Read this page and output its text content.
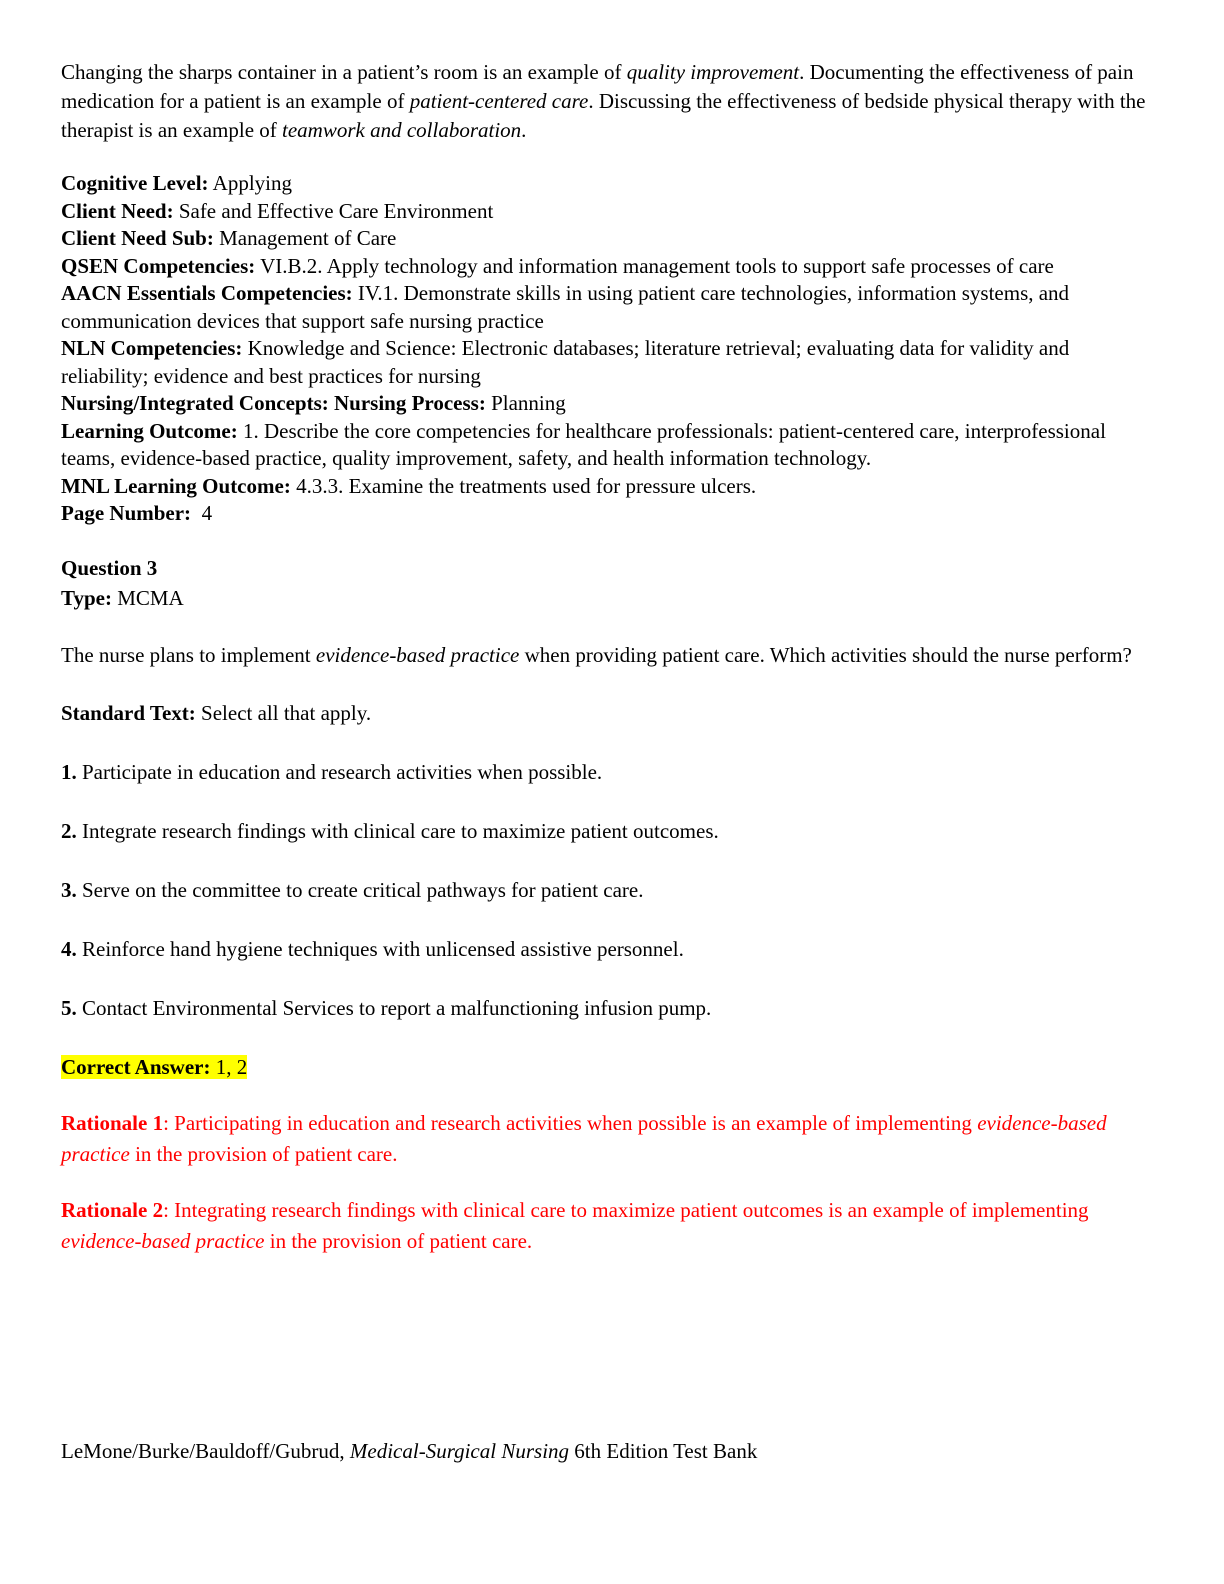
Changing the sharps container in a patient’s room is an example of quality improvement. Documenting the effectiveness of pain medication for a patient is an example of patient-centered care. Discussing the effectiveness of bedside physical therapy with the therapist is an example of teamwork and collaboration.

Cognitive Level: Applying
Client Need: Safe and Effective Care Environment
Client Need Sub: Management of Care
QSEN Competencies: VI.B.2. Apply technology and information management tools to support safe processes of care
AACN Essentials Competencies: IV.1. Demonstrate skills in using patient care technologies, information systems, and communication devices that support safe nursing practice
NLN Competencies: Knowledge and Science: Electronic databases; literature retrieval; evaluating data for validity and reliability; evidence and best practices for nursing
Nursing/Integrated Concepts: Nursing Process: Planning
Learning Outcome: 1. Describe the core competencies for healthcare professionals: patient-centered care, interprofessional teams, evidence-based practice, quality improvement, safety, and health information technology.
MNL Learning Outcome: 4.3.3. Examine the treatments used for pressure ulcers.
Page Number:  4

Question 3

Type: MCMA

The nurse plans to implement evidence-based practice when providing patient care. Which activities should the nurse perform?

Standard Text: Select all that apply.

1. Participate in education and research activities when possible.

2. Integrate research findings with clinical care to maximize patient outcomes.

3. Serve on the committee to create critical pathways for patient care.

4. Reinforce hand hygiene techniques with unlicensed assistive personnel.

5. Contact Environmental Services to report a malfunctioning infusion pump.

Correct Answer: 1, 2

Rationale 1: Participating in education and research activities when possible is an example of implementing evidence-based practice in the provision of patient care.

Rationale 2: Integrating research findings with clinical care to maximize patient outcomes is an example of implementing evidence-based practice in the provision of patient care.

LeMone/Burke/Bauldoff/Gubrud, Medical-Surgical Nursing 6th Edition Test Bank
